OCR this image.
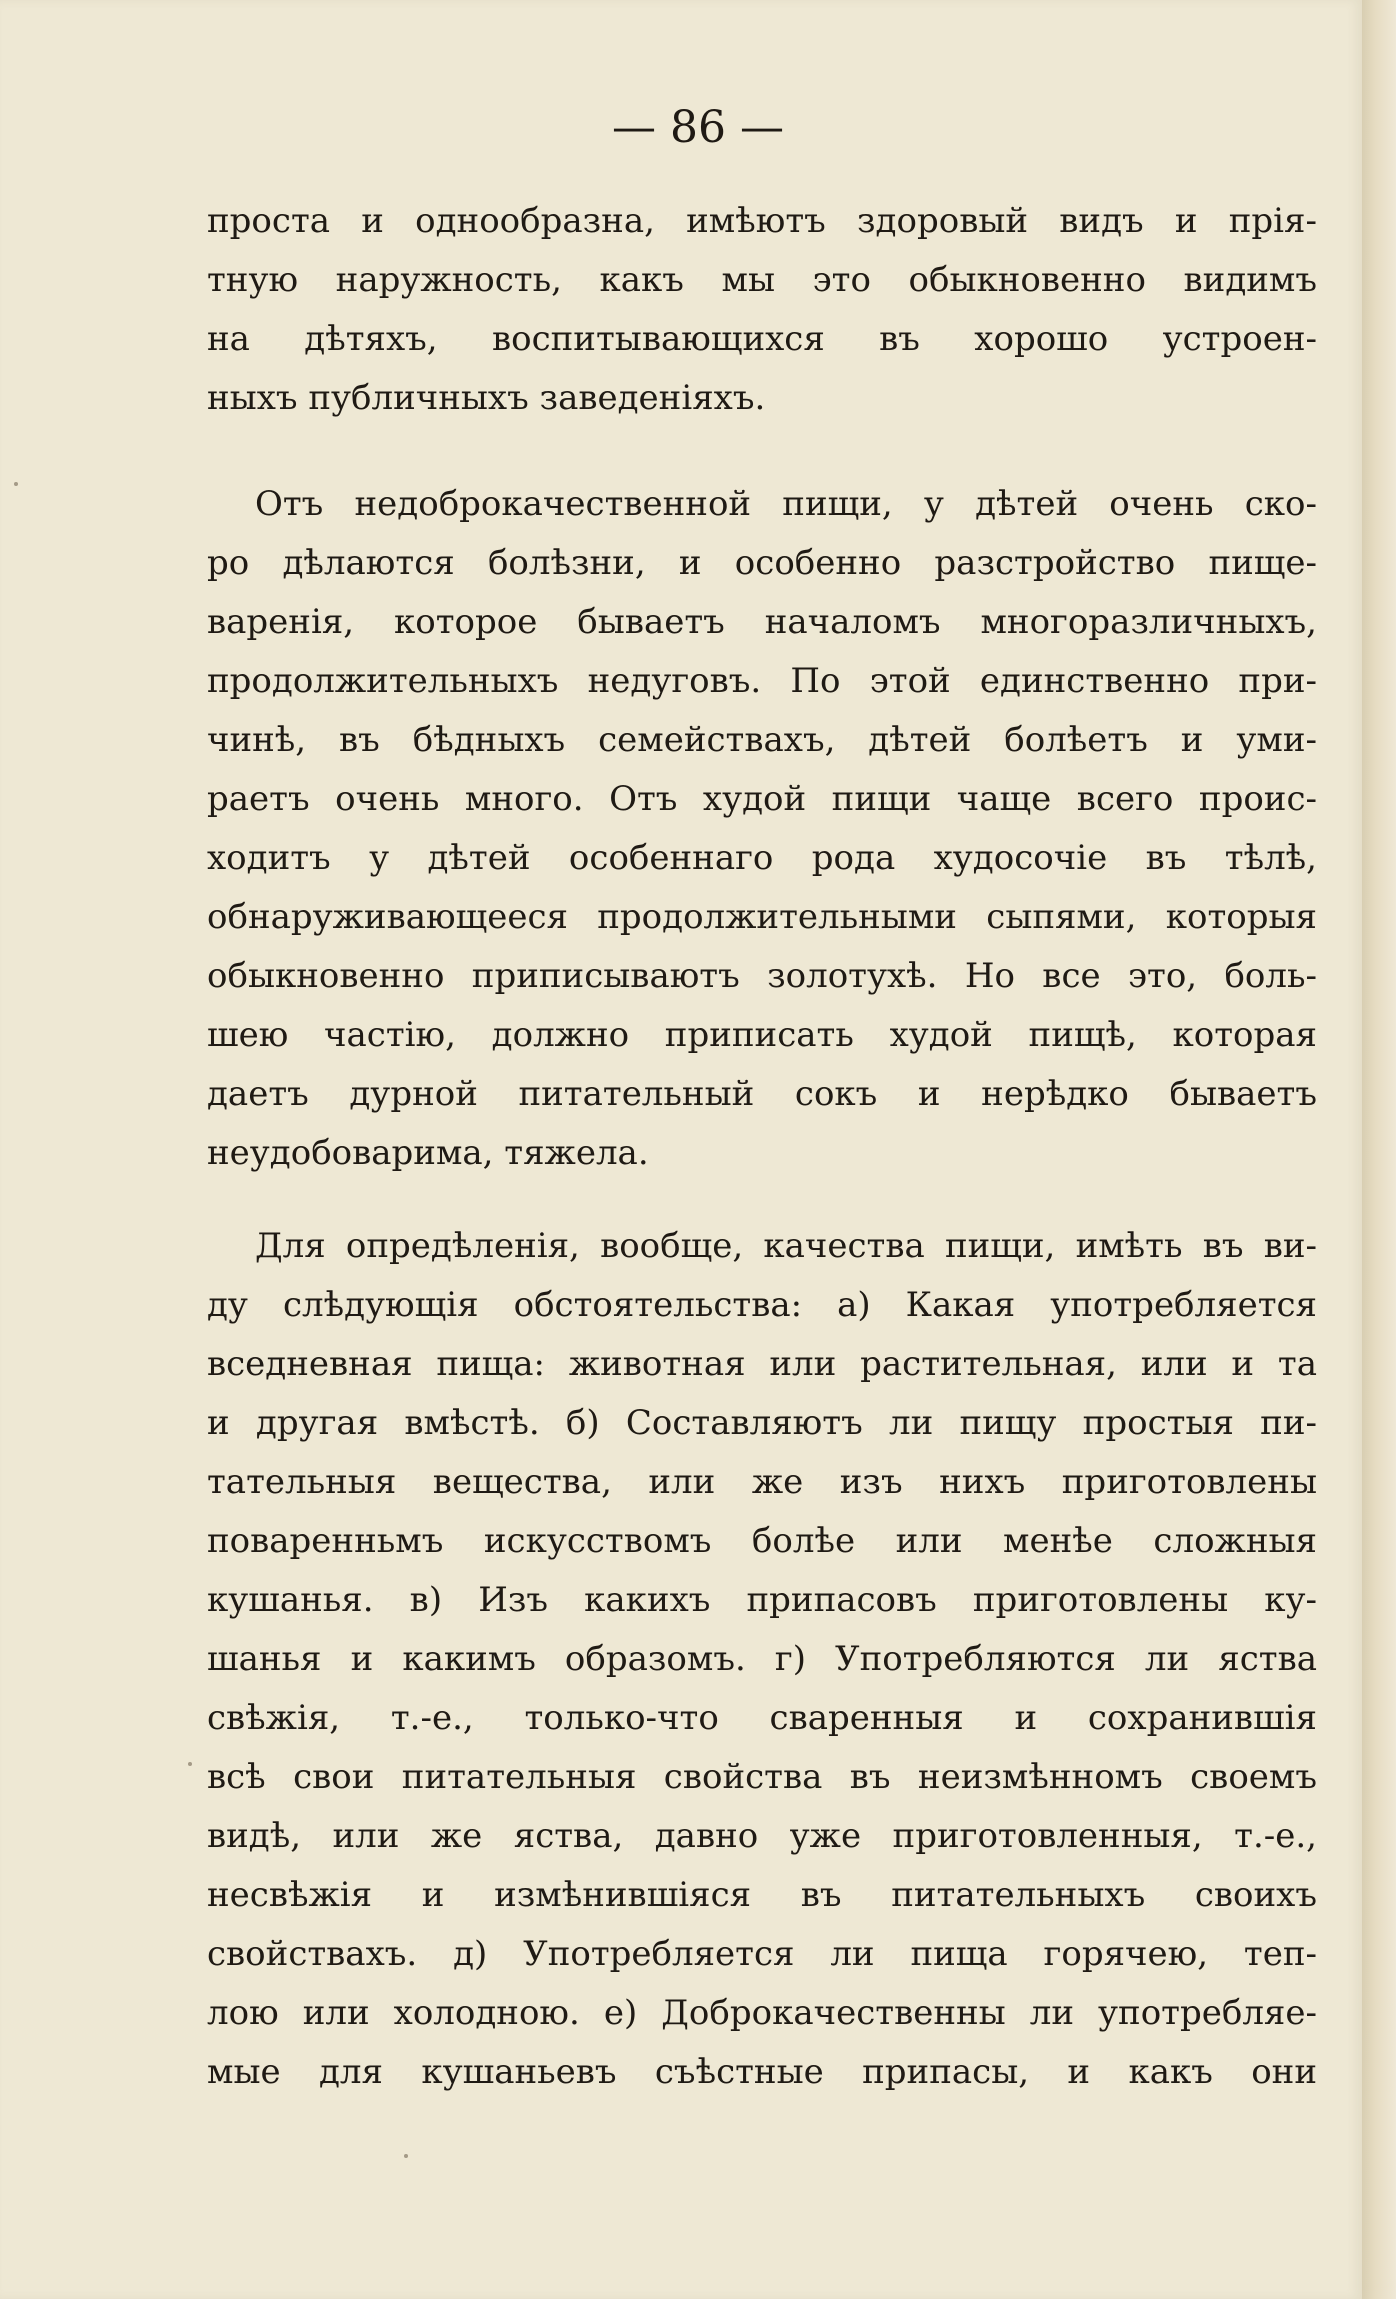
— 86 —
проста и однообразна, имѣютъ здоровый видъ и прія-
тную наружность, какъ мы это обыкновенно видимъ
на дѣтяхъ, воспитывающихся въ хорошо устроен-
ныхъ публичныхъ заведеніяхъ.
Отъ недоброкачественной пищи, у дѣтей очень ско-
ро дѣлаются болѣзни, и особенно разстройство пище-
варенія, которое бываетъ началомъ многоразличныхъ,
продолжительныхъ недуговъ. По этой единственно при-
чинѣ, въ бѣдныхъ семействахъ, дѣтей болѣетъ и уми-
раетъ очень много. Отъ худой пищи чаще всего проис-
ходитъ у дѣтей особеннаго рода худосочіе въ тѣлѣ,
обнаруживающееся продолжительными сыпями, которыя
обыкновенно приписываютъ золотухѣ. Но все это, боль-
шею частію, должно приписать худой пищѣ, которая
даетъ дурной питательный сокъ и нерѣдко бываетъ
неудобоварима, тяжела.
Для опредѣленія, вообще, качества пищи, имѣть въ ви-
ду слѣдующія обстоятельства: а) Какая употребляется
вседневная пища: животная или растительная, или и та
и другая вмѣстѣ. б) Составляютъ ли пищу простыя пи-
тательныя вещества, или же изъ нихъ приготовлены
поваренньмъ искусствомъ болѣе или менѣе сложныя
кушанья. в) Изъ какихъ припасовъ приготовлены ку-
шанья и какимъ образомъ. г) Употребляются ли яства
свѣжія, т.-е., только-что сваренныя и сохранившія
всѣ свои питательныя свойства въ неизмѣнномъ своемъ
видѣ, или же яства, давно уже приготовленныя, т.-е.,
несвѣжія и измѣнившіяся въ питательныхъ своихъ
свойствахъ. д) Употребляется ли пища горячею, теп-
лою или холодною. е) Доброкачественны ли употребляе-
мые для кушаньевъ съѣстные припасы, и какъ они
